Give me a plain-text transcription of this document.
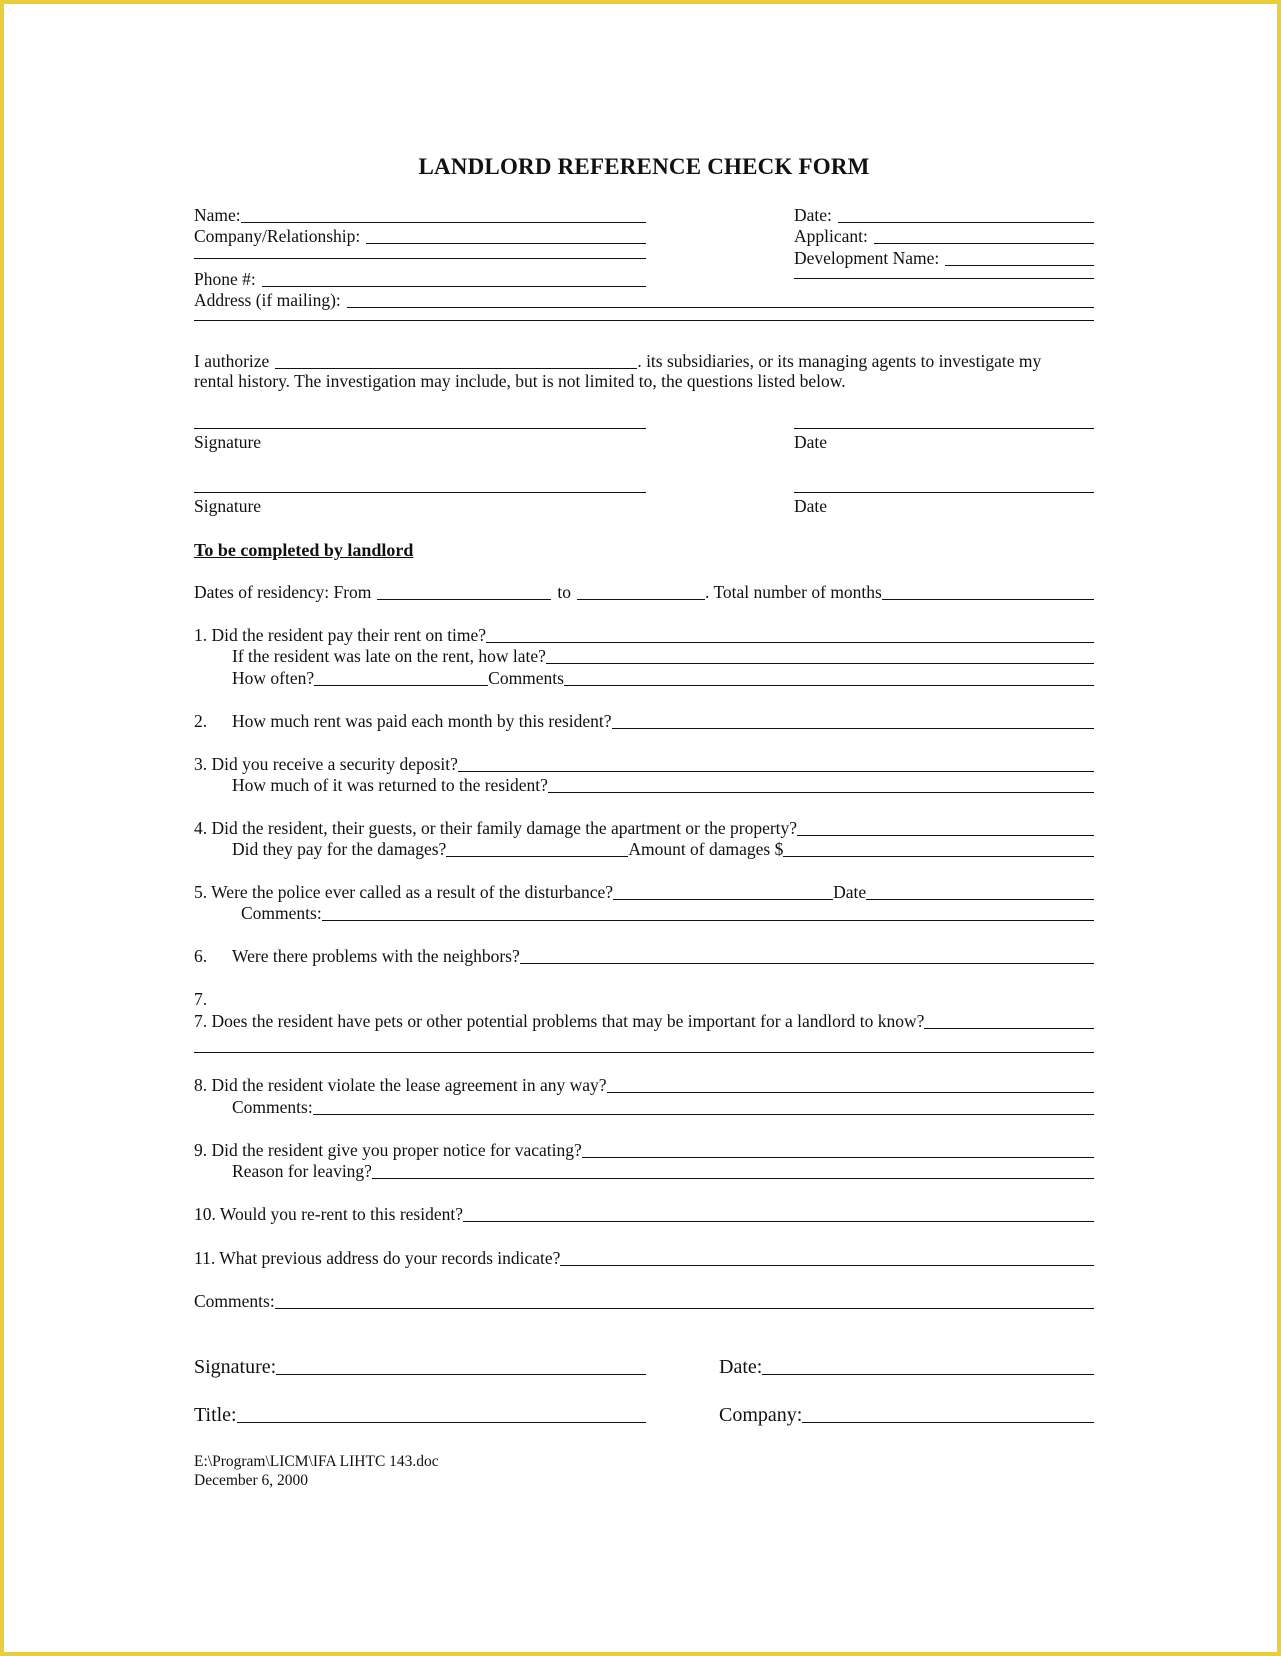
LANDLORD REFERENCE CHECK FORM
Name:
Company/Relationship:
Phone #:
Date:
Applicant:
Development Name:
Address (if mailing):
I authorize	. its subsidiaries, or its managing agents to investigate my
rental history. The investigation may include, but is not limited to, the questions listed below.
Signature	Date
Signature	Date
To be completed by landlord
Dates of residency: From	to	. Total number of months
1. Did the resident pay their rent on time?
If the resident was late on the rent, how late?
How often?	Comments
2.	How much rent was paid each month by this resident?
3. Did you receive a security deposit?
How much of it was returned to the resident?
4. Did the resident, their guests, or their family damage the apartment or the property?
Did they pay for the damages?	Amount of damages $
5. Were the police ever called as a result of the disturbance?	Date
Comments:
6.	Were there problems with the neighbors?
7.
7. Does the resident have pets or other potential problems that may be important for a landlord to know?
8. Did the resident violate the lease agreement in any way?
Comments:
9. Did the resident give you proper notice for vacating?
Reason for leaving?
10. Would you re-rent to this resident?
11. What previous address do your records indicate?
Comments:
Signature:	Date:
Title:	Company:
E:\Program\LICM\IFA LIHTC 143.doc
December 6, 2000
